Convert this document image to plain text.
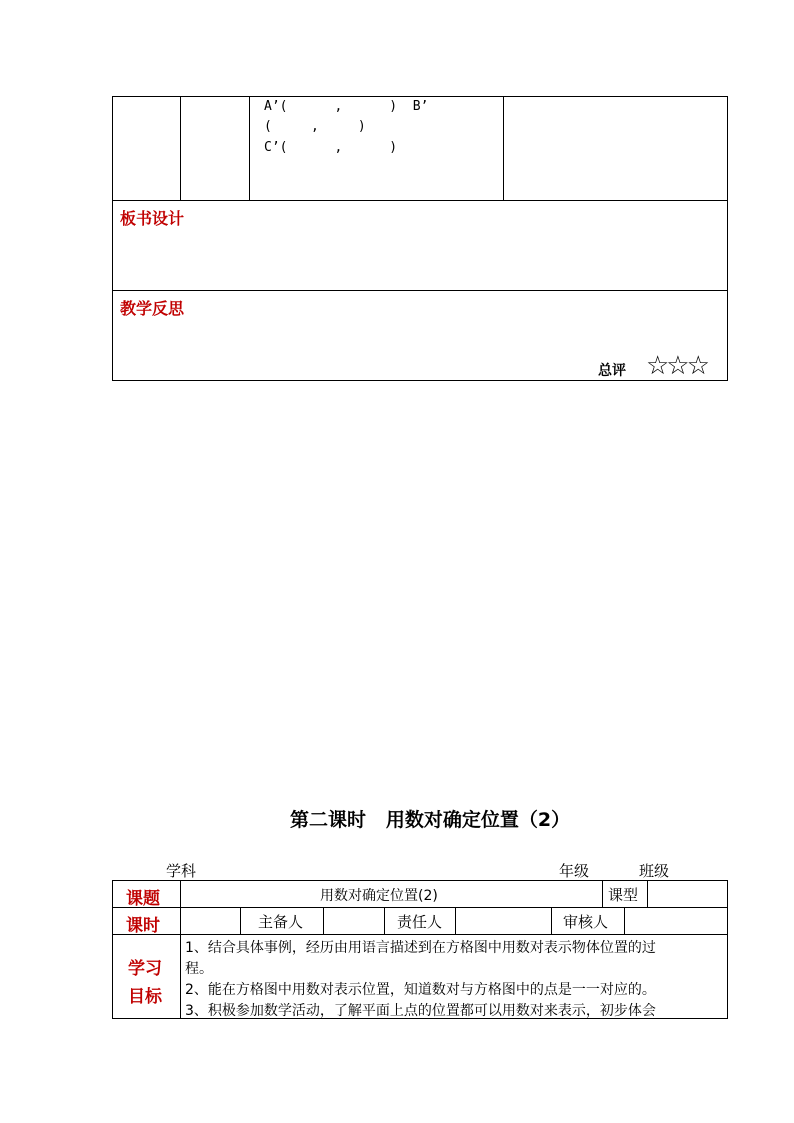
A’(      ,      )  B’
(     ,     )
C’(      ,      )
板书设计
教学反思
总评 ☆☆☆
第二课时   用数对确定位置（2）
学科	年级	班级
课题	用数对确定位置(2)	课型
课时	主备人	责任人	审核人
学习
目标
1、结合具体事例，经历由用语言描述到在方格图中用数对表示物体位置的过
程。
2、能在方格图中用数对表示位置，知道数对与方格图中的点是一一对应的。
3、积极参加数学活动，了解平面上点的位置都可以用数对来表示，初步体会
